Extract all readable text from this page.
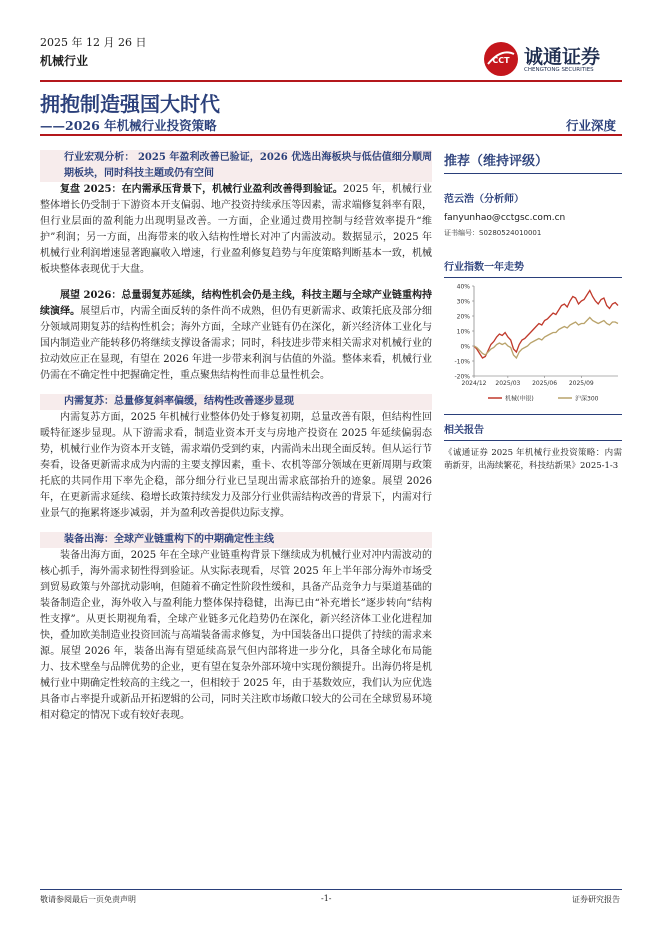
2025 年 12 月 26 日
机械行业	CCT 诚通证券
CHENGTONG SECURITIES
拥抱制造强国大时代
——2026 年机械行业投资策略	行业深度

行业宏观分析： 2025 年盈利改善已验证，2026 优选出海板块与低估值细分顺周期板块，同时科技主题或仍有空间

复盘 2025：在内需承压背景下，机械行业盈利改善得到验证。2025 年，机械行业整体增长仍受制于下游资本开支偏弱、地产投资持续承压等因素，需求端修复斜率有限，但行业层面的盈利能力出现明显改善。一方面，企业通过费用控制与经营效率提升“维护”利润；另一方面，出海带来的收入结构性增长对冲了内需波动。数据显示，2025 年机械行业利润增速显著跑赢收入增速，行业盈利修复趋势与年度策略判断基本一致，机械板块整体表现优于大盘。

展望 2026：总量弱复苏延续，结构性机会仍是主线，科技主题与全球产业链重构持续演绎。展望后市，内需全面反转的条件尚不成熟，但仍有更新需求、政策托底及部分细分领域周期复苏的结构性机会；海外方面，全球产业链有仍在深化，新兴经济体工业化与国内制造业产能转移仍将继续支撑设备需求；同时，科技进步带来相关需求对机械行业的拉动效应正在显现，有望在 2026 年进一步带来利润与估值的外溢。整体来看，机械行业仍需在不确定性中把握确定性，重点聚焦结构性而非总量性机会。

内需复苏：总量修复斜率偏缓，结构性改善逐步显现

内需复苏方面，2025 年机械行业整体仍处于修复初期，总量改善有限，但结构性回暖特征逐步显现。从下游需求看，制造业资本开支与房地产投资在 2025 年延续偏弱态势，机械行业作为资本开支链，需求端仍受到约束，内需尚未出现全面反转。但从运行节奏看，设备更新需求成为内需的主要支撑因素，重卡、农机等部分领域在更新周期与政策托底的共同作用下率先企稳，部分细分行业已呈现出需求底部抬升的迹象。展望 2026 年，在更新需求延续、稳增长政策持续发力及部分行业供需结构改善的背景下，内需对行业景气的拖累将逐步减弱，并为盈利改善提供边际支撑。

装备出海：全球产业链重构下的中期确定性主线

装备出海方面，2025 年在全球产业链重构背景下继续成为机械行业对冲内需波动的核心抓手，海外需求韧性得到验证。从实际表现看，尽管 2025 年上半年部分海外市场受到贸易政策与外部扰动影响，但随着不确定性阶段性缓和，具备产品竞争力与渠道基础的装备制造企业，海外收入与盈利能力整体保持稳健，出海已由“补充增长”逐步转向“结构性支撑”。从更长期视角看，全球产业链多元化趋势仍在深化，新兴经济体工业化进程加快，叠加欧美制造业投资回流与高端装备需求修复，为中国装备出口提供了持续的需求来源。展望 2026 年，装备出海有望延续高景气但内部将进一步分化，具备全球化布局能力、技术壁垒与品牌优势的企业，更有望在复杂外部环境中实现份额提升。出海仍将是机械行业中期确定性较高的主线之一，但相较于 2025 年，由于基数效应，我们认为应优选具备市占率提升或新品开拓逻辑的公司，同时关注欧市场敞口较大的公司在全球贸易环境相对稳定的情况下或有较好表现。

推荐（维持评级）
范云浩（分析师）
fanyunhao@cctgsc.com.cn
证书编号：S0280524010001
行业指数一年走势
40%
30%
20%
10%
0%
-10%
-20%
2024/12 2025/03 2025/06 2025/09
机械(申银)	沪深300
相关报告
《诚通证券 2025 年机械行业投资策略：内需萌新芽，出海续繁花，科技结新果》2025-1-3
敬请参阅最后一页免责声明	-1-	证券研究报告
